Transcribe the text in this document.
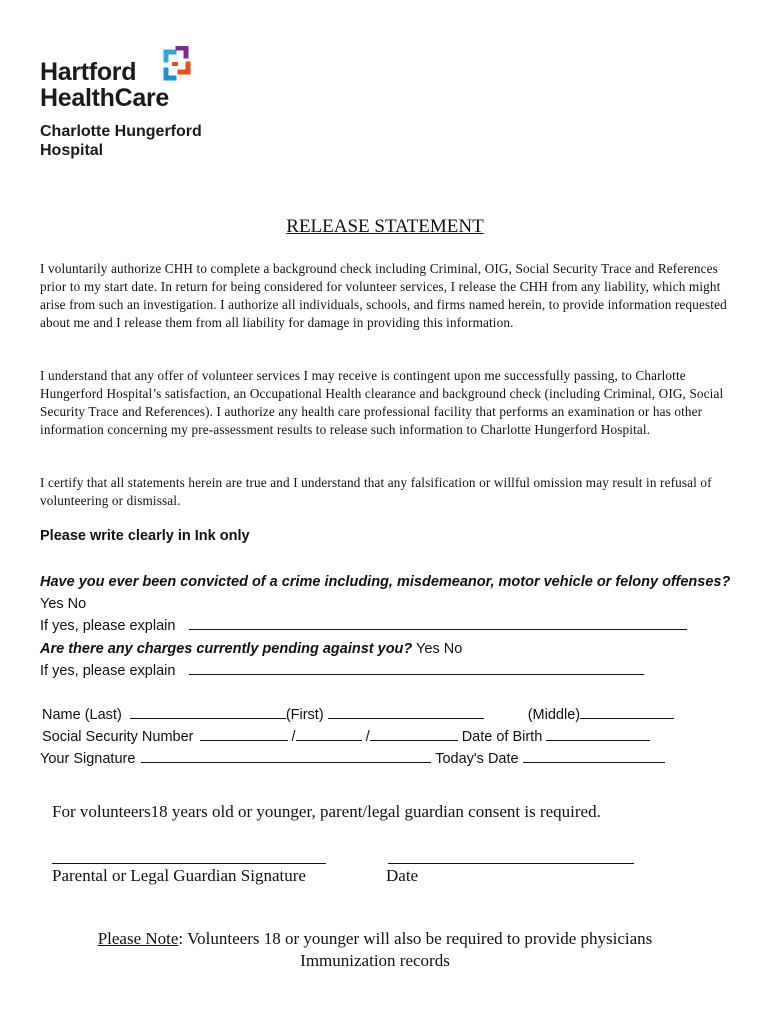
Hartford
HealthCare
Charlotte Hungerford
Hospital
RELEASE STATEMENT
I voluntarily authorize CHH to complete a background check including Criminal, OIG, Social Security Trace and References prior to my start date. In return for being considered for volunteer services, I release the CHH from any liability, which might arise from such an investigation. I authorize all individuals, schools, and firms named herein, to provide information requested about me and I release them from all liability for damage in providing this information.
I understand that any offer of volunteer services I may receive is contingent upon me successfully passing, to Charlotte Hungerford Hospital’s satisfaction, an Occupational Health clearance and background check (including Criminal, OIG, Social Security Trace and References). I authorize any health care professional facility that performs an examination or has other information concerning my pre-assessment results to release such information to Charlotte Hungerford Hospital.
I certify that all statements herein are true and I understand that any falsification or willful omission may result in refusal of volunteering or dismissal.
Please write clearly in Ink only
Have you ever been convicted of a crime including, misdemeanor, motor vehicle or felony offenses? Yes No
If yes, please explain
Are there any charges currently pending against you? Yes No
If yes, please explain
Name (Last)	(First)	(Middle)
Social Security Number	/	/	Date of Birth
Your Signature	Today's Date
For volunteers18 years old or younger, parent/legal guardian consent is required.
Parental or Legal Guardian Signature	Date
Please Note: Volunteers 18 or younger will also be required to provide physicians
Immunization records
